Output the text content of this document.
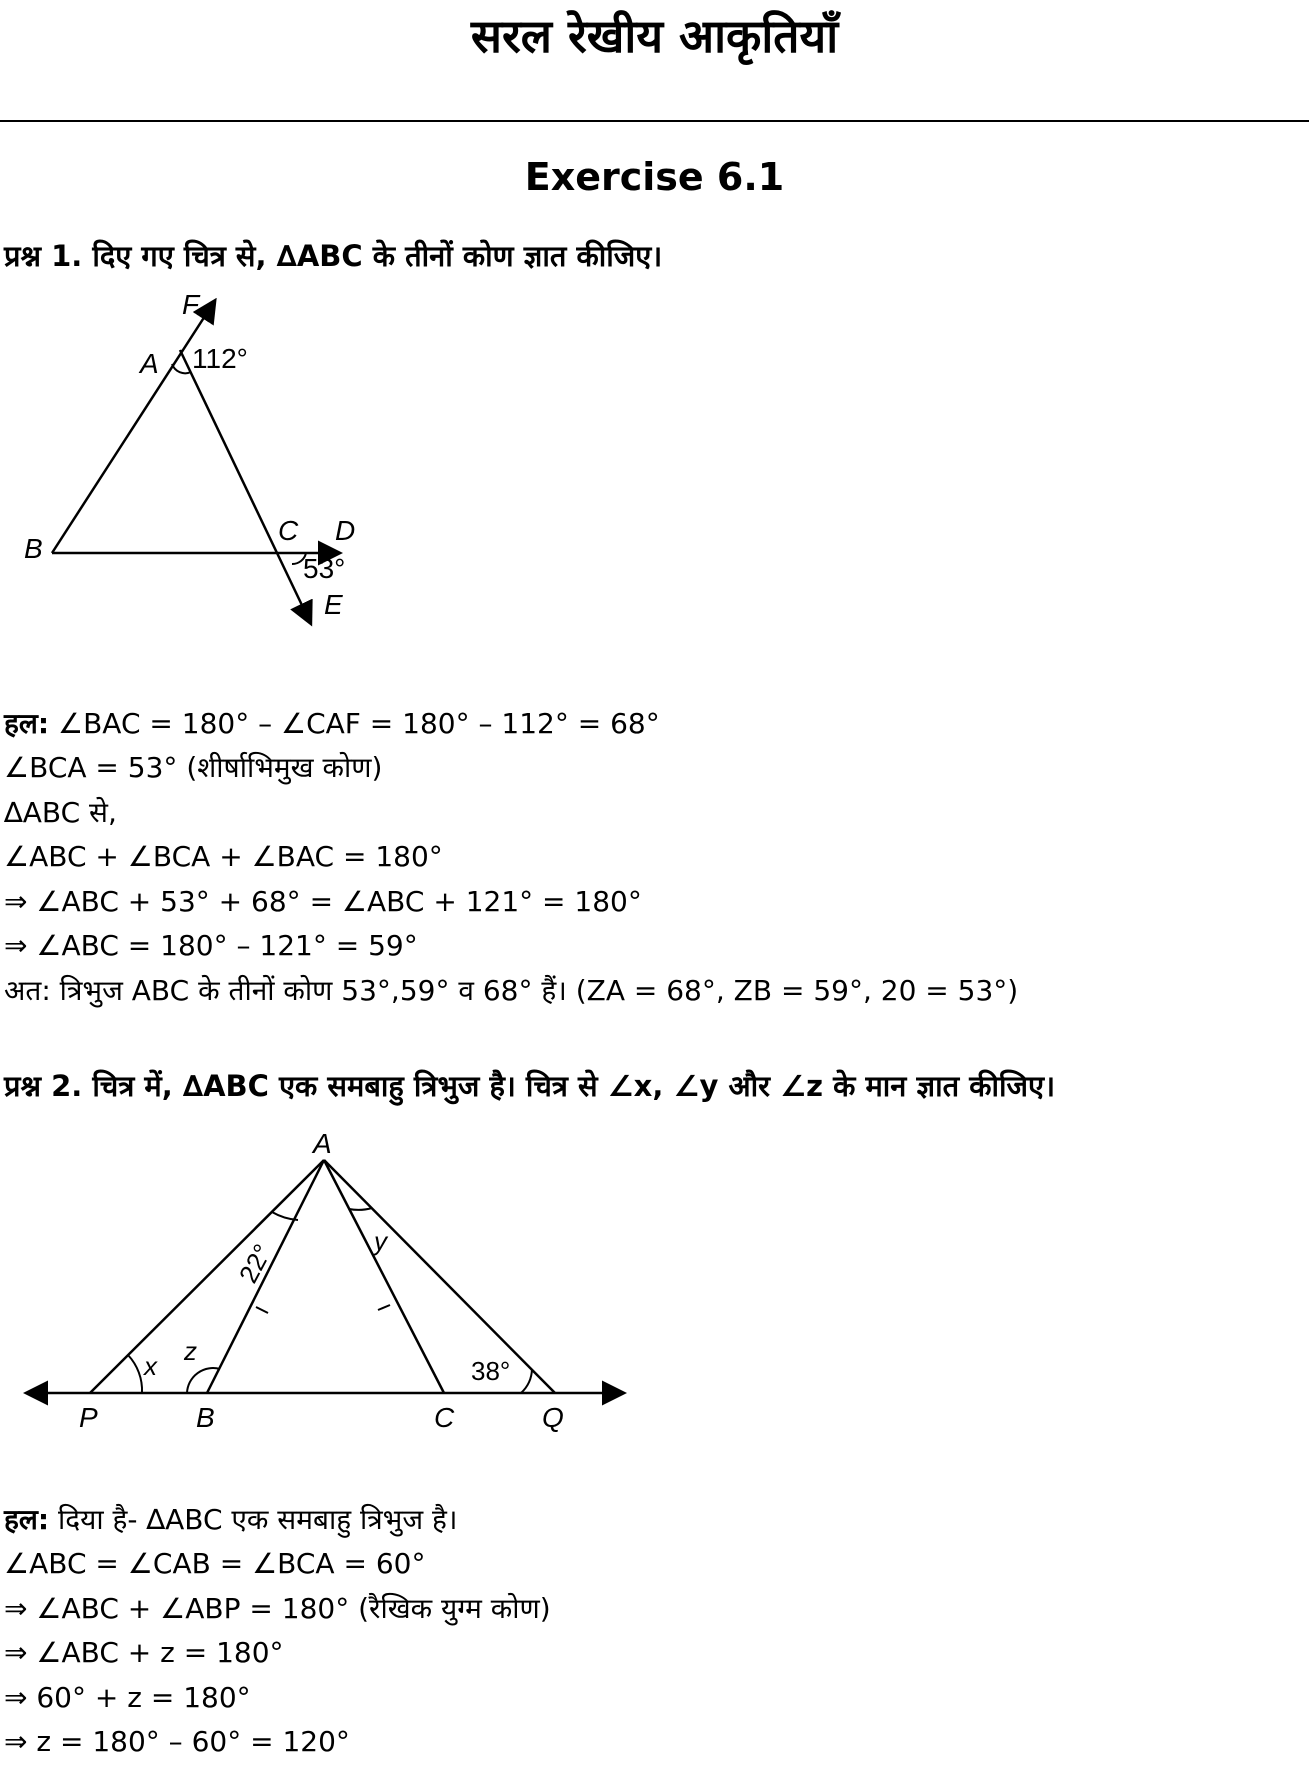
सरल रेखीय आकृतियाँ
Exercise 6.1

प्रश्न 1. दिए गए चित्र से, ∆ABC के तीनों कोण ज्ञात कीजिए।

F
A 112°
B
C D
53°
E

हल: ∠BAC = 180° – ∠CAF = 180° – 112° = 68°

∠BCA = 53° (शीर्षाभिमुख कोण)
∆ABC से,
∠ABC + ∠BCA + ∠BAC = 180°
⇒ ∠ABC + 53° + 68° = ∠ABC + 121° = 180°
⇒ ∠ABC = 180° – 121° = 59°
अत: त्रिभुज ABC के तीनों कोण 53°,59° व 68° हैं। (ZA = 68°, ZB = 59°, 20 = 53°)

प्रश्न 2. चित्र में, ∆ABC एक समबाहु त्रिभुज है। चित्र से ∠x, ∠y और ∠z के मान ज्ञात कीजिए।

A
22°	y
x z
38°
P	B	C	Q

हल: दिया है- ∆ABC एक समबाहु त्रिभुज है।

∠ABC = ∠CAB = ∠BCA = 60°
⇒ ∠ABC + ∠ABP = 180° (रैखिक युग्म कोण)
⇒ ∠ABC + z = 180°
⇒ 60° + z = 180°
⇒ z = 180° – 60° = 120°
